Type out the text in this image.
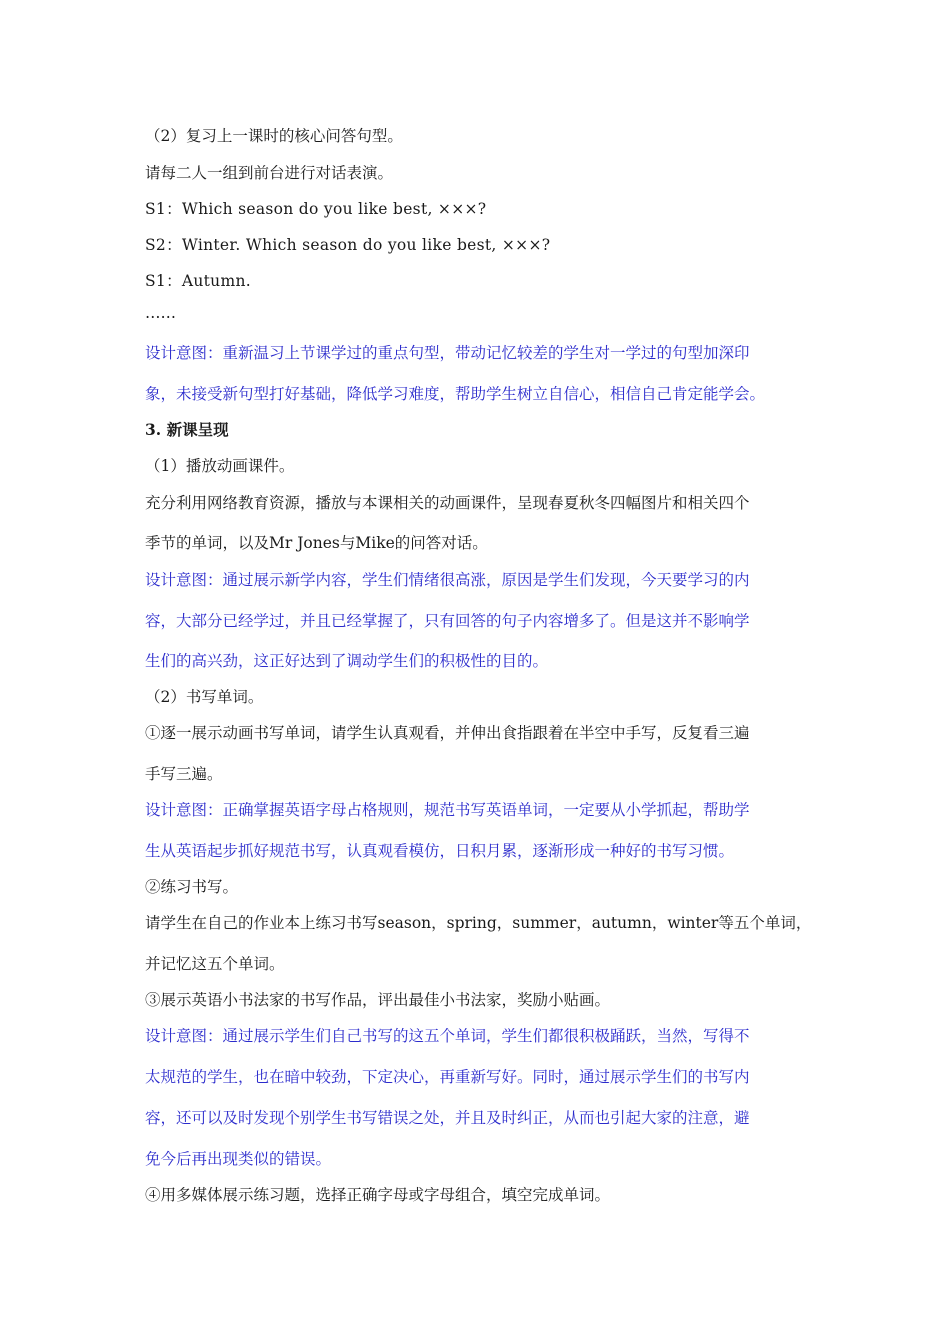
（2）复习上一课时的核心问答句型。
请每二人一组到前台进行对话表演。
S1：Which season do you like best, ×××?
S2：Winter. Which season do you like best, ×××?
S1：Autumn.
……
设计意图：重新温习上节课学过的重点句型，带动记忆较差的学生对一学过的句型加深印
象，未接受新句型打好基础，降低学习难度，帮助学生树立自信心，相信自己肯定能学会。
3. 新课呈现
（1）播放动画课件。
充分利用网络教育资源，播放与本课相关的动画课件，呈现春夏秋冬四幅图片和相关四个
季节的单词，以及Mr Jones与Mike的问答对话。
设计意图：通过展示新学内容，学生们情绪很高涨，原因是学生们发现，今天要学习的内
容，大部分已经学过，并且已经掌握了，只有回答的句子内容增多了。但是这并不影响学
生们的高兴劲，这正好达到了调动学生们的积极性的目的。
（2）书写单词。
①逐一展示动画书写单词，请学生认真观看，并伸出食指跟着在半空中手写，反复看三遍
手写三遍。
设计意图：正确掌握英语字母占格规则，规范书写英语单词，一定要从小学抓起，帮助学
生从英语起步抓好规范书写，认真观看模仿，日积月累，逐渐形成一种好的书写习惯。
②练习书写。
请学生在自己的作业本上练习书写season，spring，summer，autumn，winter等五个单词，
并记忆这五个单词。
③展示英语小书法家的书写作品，评出最佳小书法家，奖励小贴画。
设计意图：通过展示学生们自己书写的这五个单词，学生们都很积极踊跃，当然，写得不
太规范的学生，也在暗中较劲，下定决心，再重新写好。同时，通过展示学生们的书写内
容，还可以及时发现个别学生书写错误之处，并且及时纠正，从而也引起大家的注意，避
免今后再出现类似的错误。
④用多媒体展示练习题，选择正确字母或字母组合，填空完成单词。
